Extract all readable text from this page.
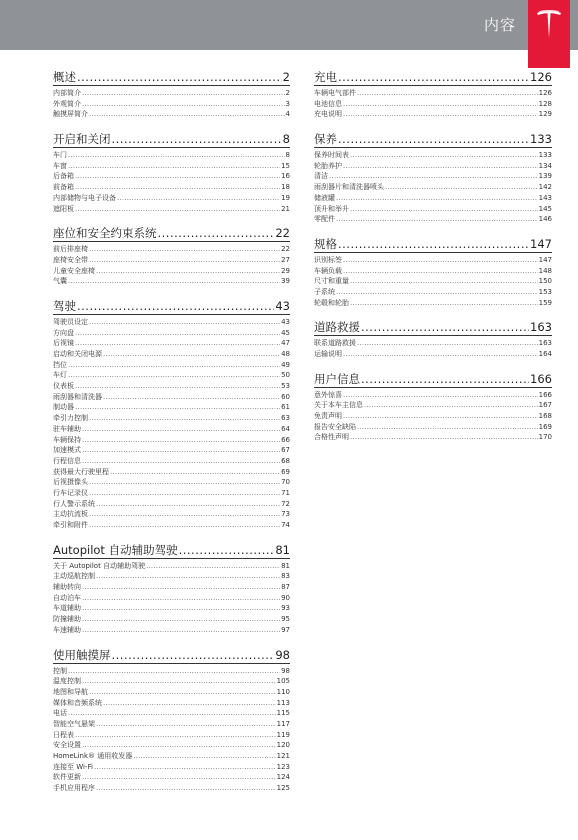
内容
概述 .....	2
内部简介 .....	2
外观简介 .....	3
触摸屏简介 .....	4
开启和关闭 .....	8
车门 .....	8
车窗 .....	15
后备箱 .....	16
前备箱 .....	18
内部储物与电子设备 .....	19
遮阳板 .....	21
座位和安全约束系统 .....	22
前后排座椅 .....	22
座椅安全带 .....	27
儿童安全座椅 .....	29
气囊 .....	39
驾驶 .....	43
驾驶员设定 .....	43
方向盘 .....	45
后视镜 .....	47
启动和关闭电源 .....	48
挡位 .....	49
车灯 .....	50
仪表板 .....	53
雨刮器和清洗器 .....	60
制动器 .....	61
牵引力控制 .....	63
驻车辅助 .....	64
车辆保持 .....	66
加速模式 .....	67
行程信息 .....	68
获得最大行驶里程 .....	69
后视摄像头 .....	70
行车记录仪 .....	71
行人警示系统 .....	72
主动抗流板 .....	73
牵引和附件 .....	74
Autopilot 自动辅助驾驶 .....	81
关于 Autopilot 自动辅助驾驶 .....	81
主动巡航控制 .....	83
辅助转向 .....	87
自动泊车 .....	90
车道辅助 .....	93
防撞辅助 .....	95
车速辅助 .....	97
使用触摸屏 .....	98
控制 .....	98
温度控制 .....	105
地图和导航 .....	110
媒体和音频系统 .....	113
电话 .....	115
智能空气悬架 .....	117
日程表 .....	119
安全设置 .....	120
HomeLink® 通用收发器 .....	121
连接至 Wi-Fi .....	123
软件更新 .....	124
手机应用程序 .....	125
充电 .....	126
车辆电气部件 .....	126
电池信息 .....	128
充电说明 .....	129
保养 .....	133
保养时间表 .....	133
轮胎养护 .....	134
清洁 .....	139
雨刮器片和清洗器喷头 .....	142
储液罐 .....	143
顶升和举升 .....	145
零配件 .....	146
规格 .....	147
识别标签 .....	147
车辆负载 .....	148
尺寸和重量 .....	150
子系统 .....	153
轮毂和轮胎 .....	159
道路救援 .....	163
联系道路救援 .....	163
运输说明 .....	164
用户信息 .....	166
意外惊喜 .....	166
关于本车主信息 .....	167
免责声明 .....	168
报告安全缺陷 .....	169
合格性声明 .....	170
